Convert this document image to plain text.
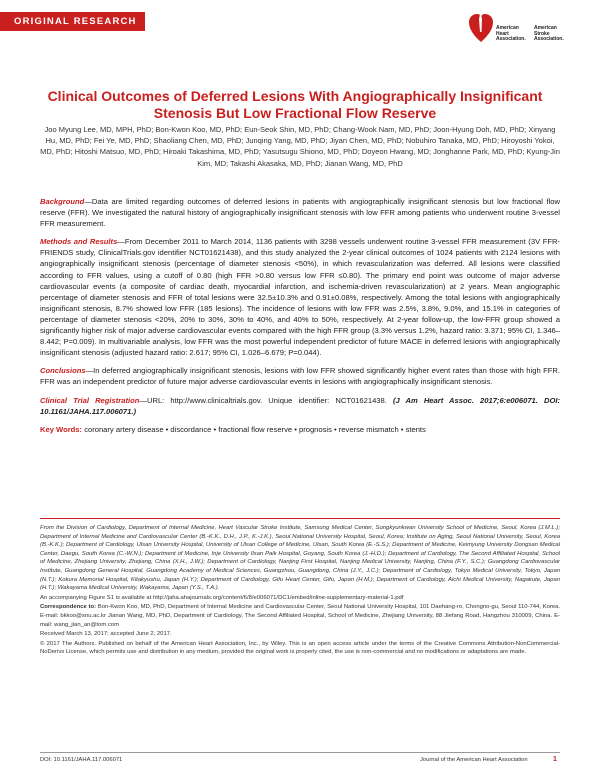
ORIGINAL RESEARCH
American
Heart
Association.
American
Stroke
Association.
Clinical Outcomes of Deferred Lesions With Angiographically Insignificant Stenosis But Low Fractional Flow Reserve
Joo Myung Lee, MD, MPH, PhD; Bon-Kwon Koo, MD, PhD; Eun-Seok Shin, MD, PhD; Chang-Wook Nam, MD, PhD; Joon-Hyung Doh, MD, PhD; Xinyang Hu, MD, PhD; Fei Ye, MD, PhD; Shaoliang Chen, MD, PhD; Junqing Yang, MD, PhD; Jiyan Chen, MD, PhD; Nobuhiro Tanaka, MD, PhD; Hiroyoshi Yokoi, MD, PhD; Hitoshi Matsuo, MD, PhD; Hiroaki Takashima, MD, PhD; Yasutsugu Shiono, MD, PhD; Doyeon Hwang, MD; Jonghanne Park, MD, PhD; Kyung-Jin Kim, MD; Takashi Akasaka, MD, PhD; Jianan Wang, MD, PhD

Background—Data are limited regarding outcomes of deferred lesions in patients with angiographically insignificant stenosis but low fractional flow reserve (FFR). We investigated the natural history of angiographically insignificant stenosis with low FFR among patients who underwent routine 3-vessel FFR measurement.

Methods and Results—From December 2011 to March 2014, 1136 patients with 3298 vessels underwent routine 3-vessel FFR measurement (3V FFR-FRIENDS study, ClinicalTrials.gov identifier NCT01621438), and this study analyzed the 2-year clinical outcomes of 1024 patients with 2124 lesions with angiographically insignificant stenosis (percentage of diameter stenosis <50%), in which revascularization was deferred. All lesions were classified according to FFR values, using a cutoff of 0.80 (high FFR >0.80 versus low FFR ≤0.80). The primary end point was outcome of major adverse cardiovascular events (a composite of cardiac death, myocardial infarction, and ischemia-driven revascularization) at 2 years. Mean angiographic percentage of diameter stenosis and FFR of total lesions were 32.5±10.3% and 0.91±0.08%, respectively. Among the total lesions with angiographically insignificant stenosis, 8.7% showed low FFR (185 lesions). The incidence of lesions with low FFR was 2.5%, 3.8%, 9.0%, and 15.1% in categories of percentage of diameter stenosis <20%, 20% to 30%, 30% to 40%, and 40% to 50%, respectively. At 2-year follow-up, the low-FFR group showed a significantly higher risk of major adverse cardiovascular events compared with the high FFR group (3.3% versus 1.2%, hazard ratio: 3.371; 95% CI, 1.346–8.442; P=0.009). In multivariable analysis, low FFR was the most powerful independent predictor of future MACE in deferred lesions with angiographically insignificant stenosis (adjusted hazard ratio: 2.617; 95% CI, 1.026–6.679; P=0.044).

Conclusions—In deferred angiographically insignificant stenosis, lesions with low FFR showed significantly higher event rates than those with high FFR. FFR was an independent predictor of future major adverse cardiovascular events in lesions with angiographically insignificant stenosis.

Clinical Trial Registration—URL: http://www.clinicaltrials.gov. Unique identifier: NCT01621438. (J Am Heart Assoc. 2017;6:e006071. DOI: 10.1161/JAHA.117.006071.)

Key Words: coronary artery disease • discordance • fractional flow reserve • prognosis • reverse mismatch • stents

From the Division of Cardiology, Department of Internal Medicine, Heart Vascular Stroke Institute, Samsung Medical Center, Sungkyunkwan University School of Medicine, Seoul, Korea (J.M.L.); Department of Internal Medicine and Cardiovascular Center (B.-K.K., D.H., J.P., K.-J.K.), Seoul National University Hospital, Seoul, Korea; Institute on Aging, Seoul National University, Seoul, Korea (B.-K.K.); Department of Cardiology, Ulsan University Hospital, University of Ulsan College of Medicine, Ulsan, South Korea (E.-S.S.); Department of Medicine, Keimyung University Dongsan Medical Center, Daegu, South Korea (C.-W.N.); Department of Medicine, Inje University Ilsan Paik Hospital, Goyang, South Korea (J.-H.D.); Department of Cardiology, The Second Affiliated Hospital, School of Medicine, Zhejiang University, Zhejiang, China (X.H., J.W.); Department of Cardiology, Nanjing First Hospital, Nanjing Medical University, Nanjing, China (F.Y., S.C.); Guangdong Cardiovascular Institute, Guangdong General Hospital, Guangdong Academy of Medical Sciences, Guangzhou, Guangdong, China (J.Y., J.C.); Department of Cardiology, Tokyo Medical University, Tokyo, Japan (N.T.); Kokura Memorial Hospital, Kitakyushu, Japan (H.Y.); Department of Cardiology, Gifu Heart Center, Gifu, Japan (H.M.); Department of Cardiology, Aichi Medical University, Nagakute, Japan (H.T.); Wakayama Medical University, Wakayama, Japan (Y.S., T.A.).

An accompanying Figure S1 is available at http://jaha.ahajournals.org/content/6/8/e006071/DC1/embed/inline-supplementary-material-1.pdf

Correspondence to: Bon-Kwon Koo, MD, PhD, Department of Internal Medicine and Cardiovascular Center, Seoul National University Hospital, 101 Daehang-ro, Chongno-gu, Seoul 110-744, Korea. E-mail: bkkoo@snu.ac.kr Jianan Wang, MD, PhD, Department of Cardiology, The Second Affiliated Hospital, School of Medicine, Zhejiang University, 88 Jiefang Road, Hangzhou 310009, China. E-mail: wang_jian_an@tom.com

Received March 13, 2017; accepted June 2, 2017.

© 2017 The Authors. Published on behalf of the American Heart Association, Inc., by Wiley. This is an open access article under the terms of the Creative Commons Attribution-NonCommercial-NoDerivs License, which permits use and distribution in any medium, provided the original work is properly cited, the use is non-commercial and no modifications or adaptations are made.

DOI: 10.1161/JAHA.117.006071	Journal of the American Heart Association	1
